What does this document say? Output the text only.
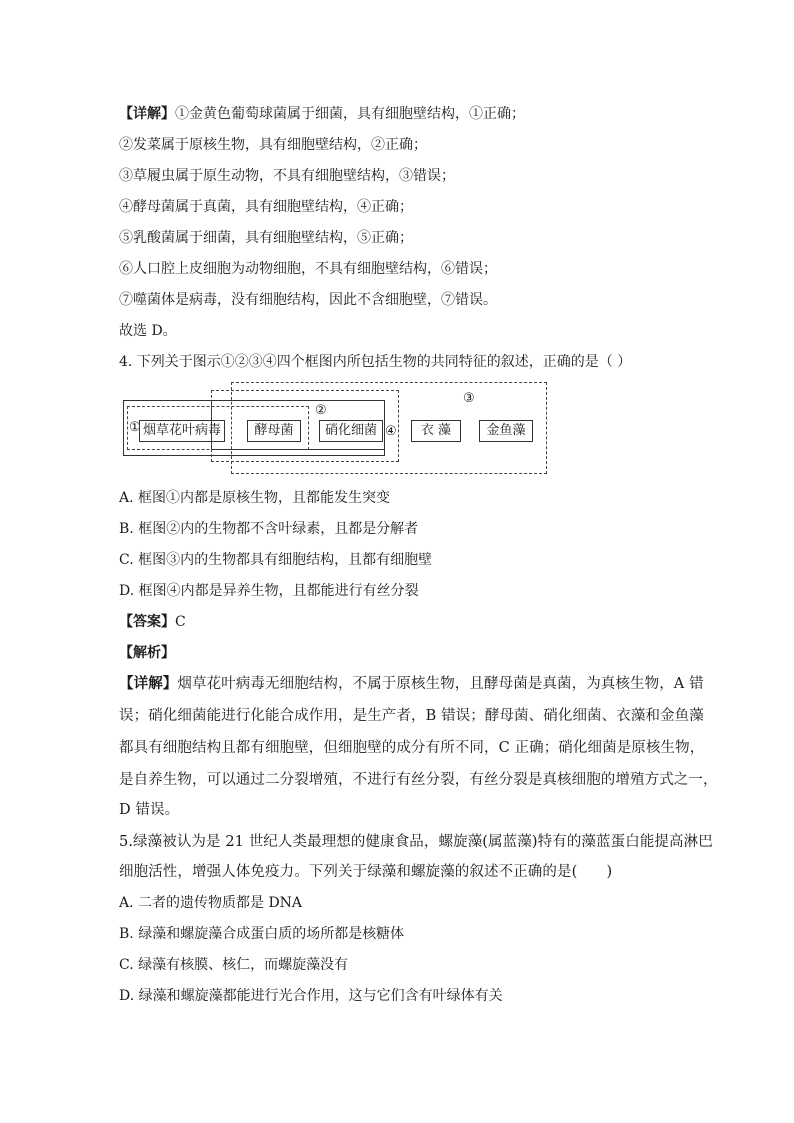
【详解】①金黄色葡萄球菌属于细菌，具有细胞壁结构，①正确；
②发菜属于原核生物，具有细胞壁结构，②正确；
③草履虫属于原生动物，不具有细胞壁结构，③错误；
④酵母菌属于真菌，具有细胞壁结构，④正确；
⑤乳酸菌属于细菌，具有细胞壁结构，⑤正确；
⑥人口腔上皮细胞为动物细胞，不具有细胞壁结构，⑥错误；
⑦噬菌体是病毒，没有细胞结构，因此不含细胞壁，⑦错误。
故选 D。
4. 下列关于图示①②③④四个框图内所包括生物的共同特征的叙述，正确的是（ ）
①
②
③
④
烟草花叶病毒	酵母菌	硝化细菌	衣 藻	金鱼藻
A. 框图①内都是原核生物，且都能发生突变
B. 框图②内的生物都不含叶绿素，且都是分解者
C. 框图③内的生物都具有细胞结构，且都有细胞壁
D. 框图④内都是异养生物，且都能进行有丝分裂
【答案】C
【解析】
【详解】烟草花叶病毒无细胞结构，不属于原核生物，且酵母菌是真菌，为真核生物，A 错
误；硝化细菌能进行化能合成作用，是生产者，B 错误；酵母菌、硝化细菌、衣藻和金鱼藻
都具有细胞结构且都有细胞壁，但细胞壁的成分有所不同，C 正确；硝化细菌是原核生物，
是自养生物，可以通过二分裂增殖，不进行有丝分裂，有丝分裂是真核细胞的增殖方式之一，
D 错误。
5.绿藻被认为是 21 世纪人类最理想的健康食品，螺旋藻(属蓝藻)特有的藻蓝蛋白能提高淋巴
细胞活性，增强人体免疫力。下列关于绿藻和螺旋藻的叙述不正确的是(　　)
A. 二者的遗传物质都是 DNA
B. 绿藻和螺旋藻合成蛋白质的场所都是核糖体
C. 绿藻有核膜、核仁，而螺旋藻没有
D. 绿藻和螺旋藻都能进行光合作用，这与它们含有叶绿体有关
